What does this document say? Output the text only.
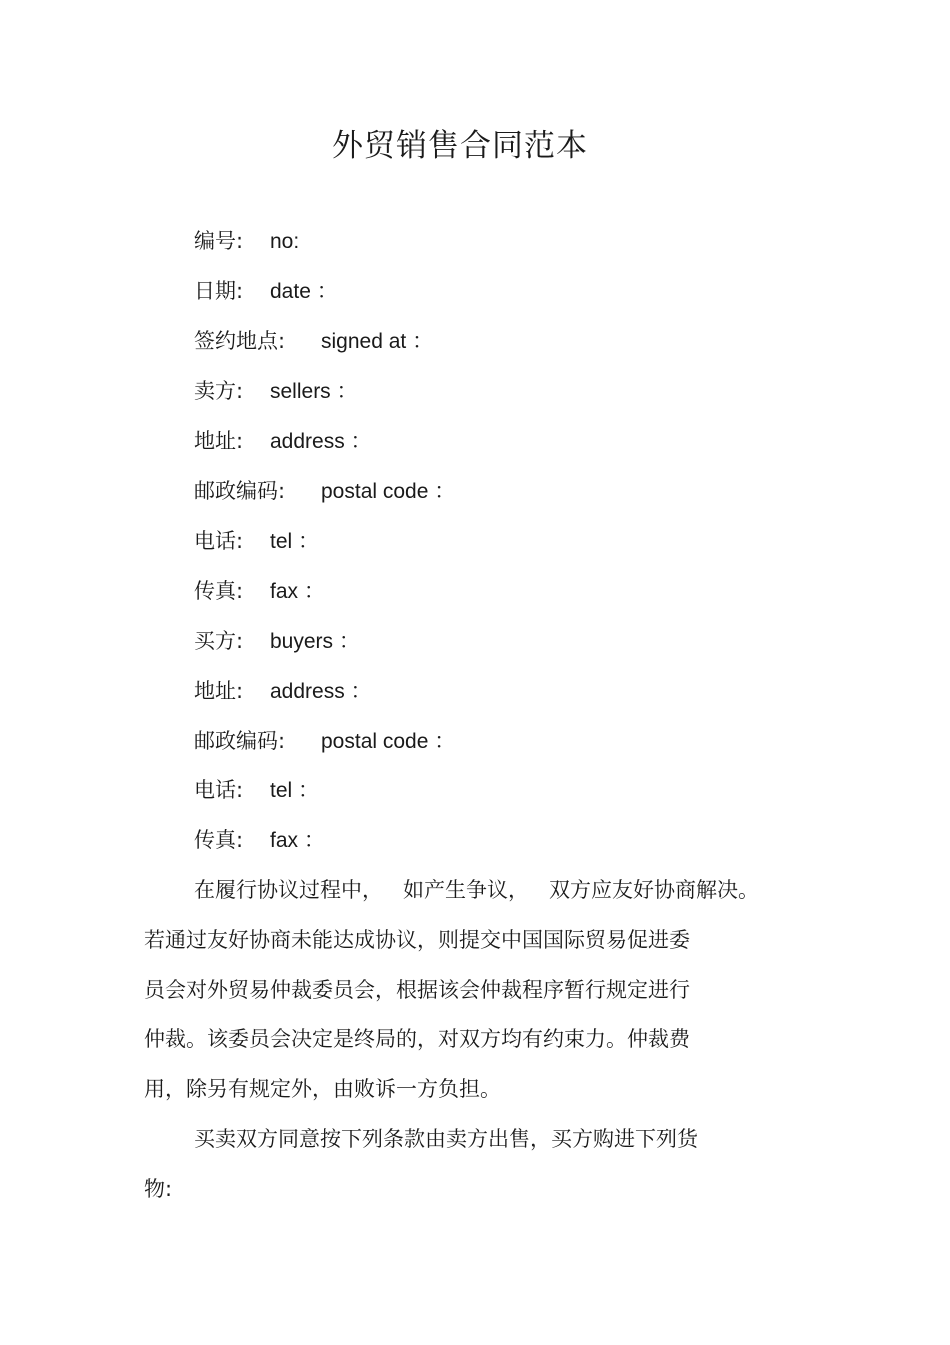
外贸销售合同范本
编号: no:
日期: date ：
签约地点: signed at ：
卖方: sellers ：
地址: address ：
邮政编码: postal code ：
电话: tel ：
传真: fax ：
买方: buyers ：
地址: address ：
邮政编码: postal code ：
电话: tel ：
传真: fax ：
在履行协议过程中，   如产生争议，   双方应友好协商解决。
若通过友好协商未能达成协议，则提交中国国际贸易促进委
员会对外贸易仲裁委员会，根据该会仲裁程序暂行规定进行
仲裁。该委员会决定是终局的，对双方均有约束力。仲裁费
用，除另有规定外，由败诉一方负担。
买卖双方同意按下列条款由卖方出售，买方购进下列货
物:
